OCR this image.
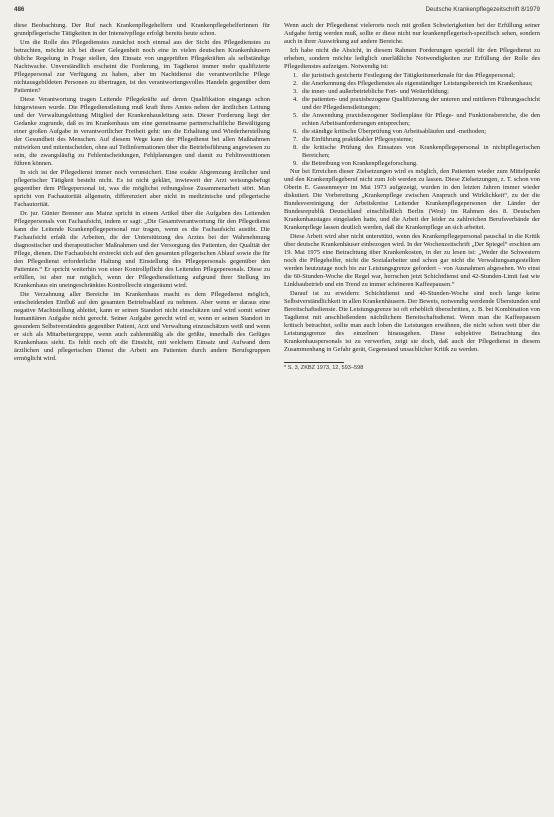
486	Deutsche Krankenpflegezeitschrift 8/1979

diese Beobachtung. Der Ruf nach Krankenpflegehelfern und Krankenpflegehelferinnen für grundpflegerische Tätigkeiten in der Intensivpflege erfolgt bereits heute schon.

Um die Rolle des Pflegedienstes zunächst noch einmal aus der Sicht des Pflegedienstes zu betrachten, möchte ich bei dieser Gelegenheit noch eine in vielen deutschen Krankenhäusern übliche Regelung in Frage stellen, den Einsatz von ungeprüften Pflegekräften als selbständige Nachtwache. Unverständlich erscheint die Forderung, im Tagdienst immer mehr qualifizierte Pflegepersonal zur Verfügung zu haben, aber im Nachtdienst die verantwortliche Pflege nichtausgebildeten Personen zu übertragen, ist des verantwortungsvolles Handeln gegenüber dem Patienten?

Diese Verantwortung tragen Leitende Pflegekräfte auf deren Qualifikation eingangs schon hingewiesen wurde. Die Pflegedienstleitung muß kraft ihres Amtes neben der ärztlichen Leitung und der Verwaltungsleitung Mitglied der Krankenhausleitung sein. Dieser Forderung liegt der Gedanke zugrunde, daß es im Krankenhaus um eine gemeinsame partnerschaftliche Bewältigung einer großen Aufgabe in verantwortlicher Freiheit geht: um die Erhaltung und Wiederherstellung der Gesundheit des Menschen. Auf diesem Wege kann der Pflegedienst bei allen Maßnahmen mitwirken und mitentscheiden, ohne auf Teilinformationen über die Betriebsführung angewiesen zu sein, die zwangsläufig zu Fehlentscheidungen, Fehlplanungen und damit zu Fehlinvestitionen führen können.

In sich ist der Pflegedienst immer noch verunsichert. Eine exakte Abgrenzung ärztlicher und pflegerischer Tätigkeit besteht nicht. Es ist nicht geklärt, inwieweit der Arzt weisungsbefugt gegenüber dem Pflegepersonal ist, was die möglichst reibungslose Zusammenarbeit stört. Man spricht von Fachautorität allgemein, differenziert aber nicht in medizinische und pflegerische Fachautorität.

Dr. jur. Günter Brenner aus Mainz spricht in einem Artikel über die Aufgaben des Leitenden Pflegepersonals von Fachaufsicht, indem er sagt: „Die Gesamtverantwortung für den Pflegedienst kann die Leitende Krankenpflegepersonal nur tragen, wenn es die Fachaufsicht ausübt. Die Fachaufsicht erfaßt die Arbeiten, die der Unterstützung des Arztes bei der Wahrnehmung diagnostischer und therapeutischer Maßnahmen und der Versorgung des Patienten, der Qualität der Pflege, dienen. Die Fachaufsicht erstreckt sich auf den gesamten pflegerischen Ablauf sowie die für den Pflegedienst erforderliche Haltung und Einstellung des Pflegepersonals gegenüber den Patienten.“ Er spricht weiterhin von einer Kontrollpflicht des Leitenden Pflegepersonals. Diese zu erfüllen, ist aber nur möglich, wenn der Pflegedienstleitung aufgrund ihrer Stellung im Krankenhaus ein uneingeschränktes Kontrollrecht eingeräumt wird.

Die Verzahnung aller Bereiche im Krankenhaus macht es dem Pflegedienst möglich, entscheidenden Einfluß auf den gesamten Betriebsablauf zu nehmen. Aber wenn er daraus eine negative Machtstellung ableitet, kann er seinen Standort nicht einschätzen und wird somit seiner humanitären Aufgabe nicht gerecht. Seiner Aufgabe gerecht wird er, wenn er seinen Standort in gesundem Selbstverständnis gegenüber Patient, Arzt und Verwaltung einzuschätzen weiß und wenn er sich als Mitarbeitergruppe, wenn auch zahlenmäßig als die größte, innerhalb des Gefüges Krankenhaus sieht. Es fehlt noch oft die Einsicht, mit welchem Einsatz und Aufwand dem ärztlichen und pflegerischen Dienst die Arbeit am Patienten durch andere Berufsgruppen ermöglicht wird.

Wenn auch der Pflegedienst vielerorts noch mit großen Schwierigkeiten bei der Erfüllung seiner Aufgabe fertig werden muß, sollte er diese nicht nur krankenpflegerisch-spezifisch sehen, sondern auch in ihrer Auswirkung auf andere Bereiche.

Ich habe nicht die Absicht, in diesem Rahmen Forderungen speziell für den Pflegedienst zu erheben, sondern möchte lediglich unerläßliche Notwendigkeiten zur Erfüllung der Rolle des Pflegedienstes aufzeigen. Notwendig ist:

1. die juristisch gesicherte Festlegung der Tätigkeitsmerkmale für das Pflegepersonal;
2. die Anerkennung des Pflegedienstes als eigenständiger Leistungsbereich im Krankenhaus;
3. die inner- und außerbetriebliche Fort- und Weiterbildung;
4. die patienten- und praxisbezogene Qualifizierung der unteren und mittleren Führungsschicht und der Pflegedienstleitungen;
5. die Anwendung praxisbezogener Stellenpläne für Pflege- und Funktionsbereiche, die den echten Arbeitsanforderungen entsprechen;
6. die ständige kritische Überprüfung von Arbeitsabläufen und -methoden;
7. die Einführung praktikabler Pflegesysteme;
8. die kritische Prüfung des Einsatzes von Krankenpflegepersonal in nichtpflegerischen Bereichen;
9. die Betreibung von Krankenpflegeforschung.

Nur bei Erreichen dieser Zielsetzungen wird es möglich, den Patienten wieder zum Mittelpunkt und den Krankenpflegeberuf nicht zum Job werden zu lassen. Diese Zielsetzungen, z. T. schon von Oberin E. Gassenmeyer im Mai 1973 aufgezeigt, wurden in den letzten Jahren immer wieder diskutiert. Die Vorbereitung „Krankenpflege zwischen Anspruch und Wirklichkeit“, zu der die Bundesvereinigung der Arbeitskreise Leitender Krankenpflegepersonen der Länder der Bundesrepublik Deutschland einschließlich Berlin (West) im Rahmen des 8. Deutschen Krankenhaustages eingeladen hatte, und die Arbeit der leider zu zahlreichen Berufsverbände der Krankenpflege lassen deutlich werden, daß die Krankenpflege an sich arbeitet.

Diese Arbeit wird aber nicht unterstützt, wenn des Krankenpflegepersonal pauschal in die Kritik über deutsche Krankenhäuser einbezogen wird. In der Wochenzeitschrift „Der Spiegel“ erschien am 19. Mai 1975 eine Betrachtung über Krankenkosten, in der zu lesen ist: „Weder die Schwestern noch die Pflegehelfer, nicht die Sozialarbeiter und schon gar nicht die Verwaltungsangestellten werden heutzutage noch bis zur Leistungsgrenze gefordert – von Ausnahmen abgesehen. Wo einst die 60-Stunden-Woche die Regel war, herrschen jetzt Schichtdienst und 42-Stunden-Limit fast wie Linkbaubetrieb und ein Trend zu immer schöneren Kaffeepausen.“

Darauf ist zu erwidern: Schichtdienst und 40-Stunden-Woche sind noch lange keine Selbstverständlichkeit in allen Krankenhäusern. Der Beweis, notwendig werdende Überstunden und Bereitschaftsdienste. Die Leistungsgrenze ist oft erheblich überschritten, z. B. bei Kombination von Tagdienst mit anschließendem nächtlichem Bereitschaftsdienst. Wenn man die Kaffeepausen kritisch betrachtet, sollte man auch loben die Leistungen erwähnen, die nicht schon weit über die Leistungsgrenze des einzelnen hinausgehen. Diese subjektive Betrachtung des Krankenhauspersonals ist zu verwerfen, zeigt sie doch, daß auch der Pflegedienst in diesem Zusammenhang in Gefahr gerät, Gegenstand unsachlicher Kritik zu werden.

* S. 3, ZKBZ 1973, 12, 593–598
